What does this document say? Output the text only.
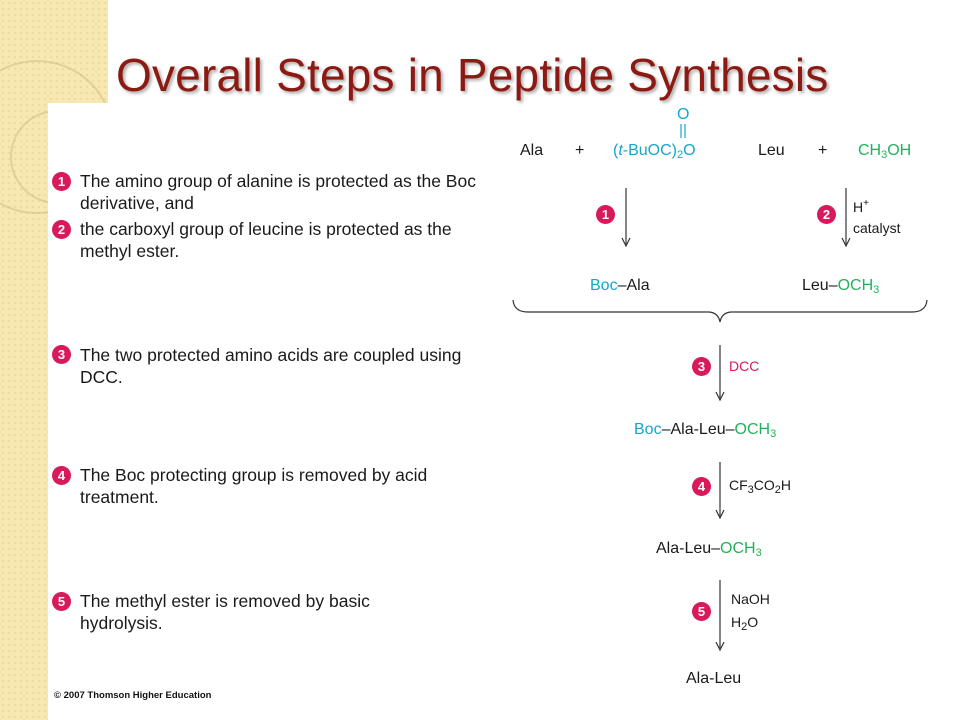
Overall Steps in Peptide Synthesis
1 The amino group of alanine is protected as the Boc derivative, and
2 the carboxyl group of leucine is protected as the methyl ester.
3 The two protected amino acids are coupled using DCC.
4 The Boc protecting group is removed by acid treatment.
5 The methyl ester is removed by basic hydrolysis.
Ala +
O
$(t-BuOC)_2O$	Leu + $CH_3OH$
1	2	H+
catalyst
Boc–Ala	Leu–$OCH_3$
3	DCC
Boc–$Ala-Leu-OCH_3$
4	$CF_3CO_2H$
Ala-$Leu-OCH_3$
5
NaOH
$H_2O$
Ala-Leu
© 2007 Thomson Higher Education
